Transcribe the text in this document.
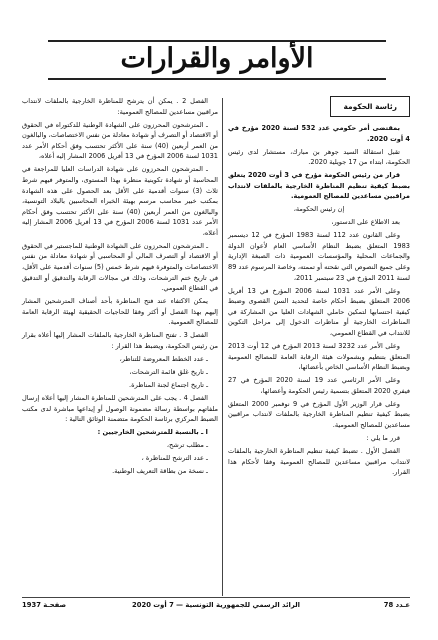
الأوامر والقرارات
رئاسة الحكومة

بمقتضى أمر حكومي عدد 532 لسنة 2020 مؤرخ في 4 أوت 2020.

تقبل استقالة السيد جوهر بن مبارك، مستشار لدى رئيس الحكومة، ابتداء من 17 جويلية 2020.

قرار من رئيس الحكومة مؤرخ في 3 أوت 2020 يتعلق بضبط كيفية تنظيم المناظرة الخارجية بالملفات لانتداب مراقبين مساعدين للمصالح العمومية.

إن رئيس الحكومة،

بعد الاطلاع على الدستور،

وعلى القانون عدد 112 لسنة 1983 المؤرخ في 12 ديسمبر 1983 المتعلق بضبط النظام الأساسي العام لأعوان الدولة والجماعات المحلية والمؤسسات العمومية ذات الصبغة الإدارية وعلى جميع النصوص التي نقحته أو تممته، وخاصة المرسوم عدد 89 لسنة 2011 المؤرخ في 23 سبتمبر 2011،

وعلى الأمر عدد 1031 لسنة 2006 المؤرخ في 13 أفريل 2006 المتعلق بضبط أحكام خاصة لتحديد السن القصوى وضبط كيفية احتسابها لتمكين حاملي الشهادات العليا من المشاركة في المناظرات الخارجية أو مناظرات الدخول إلى مراحل التكوين للانتداب في القطاع العمومي،

وعلى الأمر عدد 3232 لسنة 2013 المؤرخ في 12 أوت 2013 المتعلق بتنظيم وبشمولات هيئة الرقابة العامة للمصالح العمومية وبضبط النظام الأساسي الخاص بأعضائها،

وعلى الأمر الرئاسي عدد 19 لسنة 2020 المؤرخ في 27 فيفري 2020 المتعلق بتسمية رئيس الحكومة وأعضائها،

وعلى قرار الوزير الأول المؤرخ في 9 نوفمبر 2000 المتعلق بضبط كيفية تنظيم المناظرة الخارجية بالملفات لانتداب مراقبين مساعدين للمصالح العمومية.

قرر ما يلي :

الفصل الأول . تضبط كيفية تنظيم المناظرة الخارجية بالملفات لانتداب مراقبين مساعدين للمصالح العمومية وفقا لأحكام هذا القرار.

الفصل 2 . يمكن أن يترشح للمناظرة الخارجية بالملفات لانتداب مراقبين مساعدين للمصالح العمومية:

ـ المترشحون المحرزون على الشهادة الوطنية للدكتوراه في الحقوق أو الاقتصاد أو التصرف أو شهادة معادلة من نفس الاختصاصات، والبالغون من العمر أربعين (40) سنة على الأكثر تحتسب وفق أحكام الأمر عدد 1031 لسنة 2006 المؤرخ في 13 أفريل 2006 المشار إليه أعلاه،

ـ المترشحون المحرزون على شهادة الدراسات العليا للمراجعة في المحاسبة أو شهادة تكوينية منظرة بهذا المستوى، والمتوفر فيهم شرط ثلاث (3) سنوات أقدمية على الأقل بعد الحصول على هذه الشهادة بمكتب خبير محاسب مرسم بهيئة الخبراء المحاسبين بالبلاد التونسية، والبالغون من العمر أربعين (40) سنة على الأكثر تحتسب وفق أحكام الأمر عدد 1031 لسنة 2006 المؤرخ في 13 أفريل 2006 المشار إليه أعلاه،

ـ المترشحون المحرزون على الشهادة الوطنية للماجستير في الحقوق أو الاقتصاد أو التصرف المالي أو المحاسبي أو شهادة معادلة من نفس الاختصاصات والمتوفرة فيهم شرط خمس (5) سنوات أقدمية على الأقل، في تاريخ ختم الترشحات، وذلك في مجالات الرقابة والتدقيق أو التدقيق في القطاع العمومي.

يمكن الاكتفاء عند فتح المناظرة بأحد أصناف المترشحين المشار إليهم بهذا الفصل أو أكثر وفقا للحاجيات الحقيقية لهيئة الرقابة العامة للمصالح العمومية.

الفصل 3 . تفتح المناظرة الخارجية بالملفات المشار إليها أعلاه بقرار من رئيس الحكومة، ويضبط هذا القرار :

ـ عدد الخطط المعروضة للتناظر،

ـ تاريخ غلق قائمة الترشحات،

ـ تاريخ اجتماع لجنة المناظرة.

الفصل 4 . يجب على المترشحين للمناظرة المشار إليها أعلاه إرسال ملفاتهم بواسطة رسالة مضمونة الوصول أو إيداعها مباشرة لدى مكتب الضبط المركزي برئاسة الحكومة متضمنة الوثائق التالية :

I ـ بالنسبة للمترشحين الخارجيين :

ـ مطلب ترشح،

ـ عدد الترشح للمناظرة ،

ـ نسخة من بطاقة التعريف الوطنية.

عـدد 78
الرائد الرسمي للجمهورية التونسية — 7 أوت 2020
صفحـة 1937
